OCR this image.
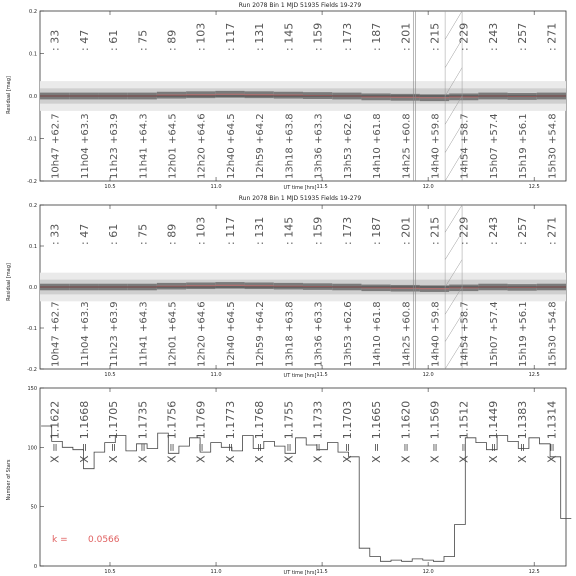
Run 2078 Bin 1 MJD 51935 Fields 19-279
Residual [mag]
UT time [hrs]
10.5	11.0	11.5	12.0	12.5
-0.2
-0.1
0.0
0.1
0.2
: 33
10h47 +62.7
: 47
11h04 +63.3
: 61
11h23 +63.9
: 75
11h41 +64.3
: 89
12h01 +64.5
: 103
12h20 +64.6
: 117
12h40 +64.5
: 131
12h59 +64.2
: 145
13h18 +63.8
: 159
13h36 +63.3
: 173
13h53 +62.6
: 187
14h10 +61.8
: 201
14h25 +60.8
: 215
14h40 +59.8
: 229
14h54 +58.7
: 243
15h07 +57.4
: 257
15h19 +56.1
: 271
15h30 +54.8
Run 2078 Bin 1 MJD 51935 Fields 19-279
Residual [mag]
UT time [hrs]
10.5	11.0	11.5	12.0	12.5
-0.2
-0.1
0.0
0.1
0.2
: 33
10h47 +62.7
: 47
11h04 +63.3
: 61
11h23 +63.9
: 75
11h41 +64.3
: 89
12h01 +64.5
: 103
12h20 +64.6
: 117
12h40 +64.5
: 131
12h59 +64.2
: 145
13h18 +63.8
: 159
13h36 +63.3
: 173
13h53 +62.6
: 187
14h10 +61.8
: 201
14h25 +60.8
: 215
14h40 +59.8
: 229
14h54 +58.7
: 243
15h07 +57.4
: 257
15h19 +56.1
: 271
15h30 +54.8
Number of Stars
UT time [hrs]
10.5	11.0	11.5	12.0	12.5
0
50
100
150
X = 1.1622 X = 1.1668 X = 1.1705 X = 1.1735 X = 1.1756 X = 1.1769 X = 1.1773 X = 1.1768 X = 1.1755 X = 1.1733 X = 1.1703 X = 1.1665 X = 1.1620 X = 1.1569 X = 1.1512 X = 1.1449 X = 1.1383 X = 1.1314
k = 0.0566
